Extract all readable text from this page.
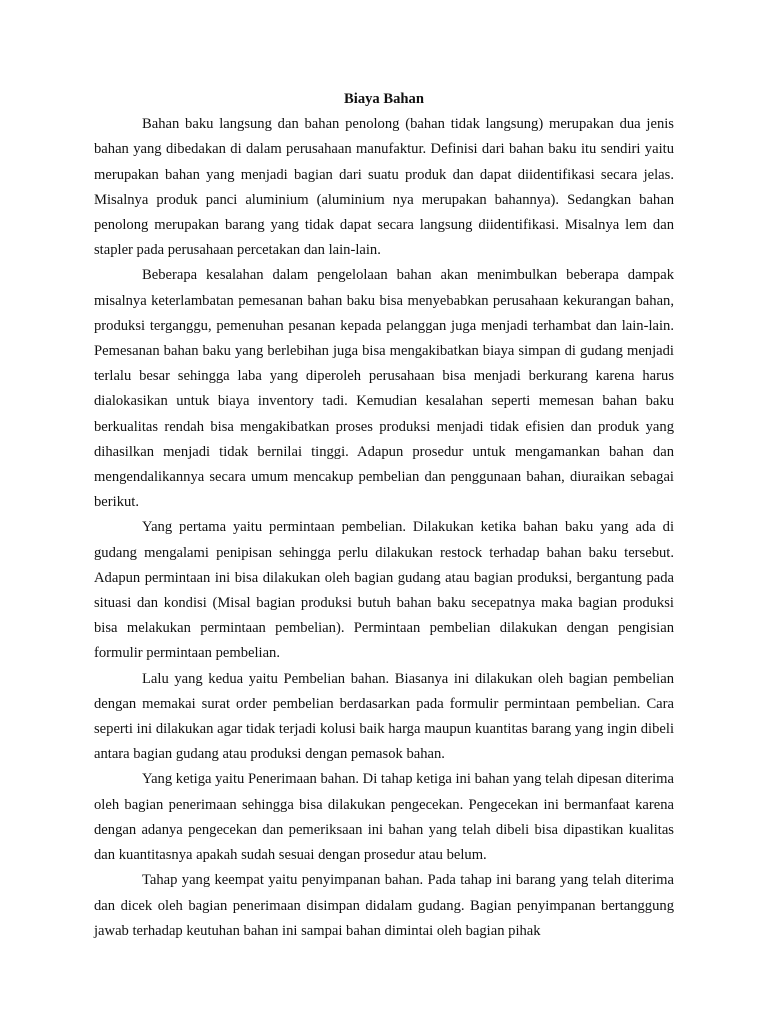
Biaya Bahan

Bahan baku langsung dan bahan penolong (bahan tidak langsung) merupakan dua jenis bahan yang dibedakan di dalam perusahaan manufaktur. Definisi dari bahan baku itu sendiri yaitu merupakan bahan yang menjadi bagian dari suatu produk dan dapat diidentifikasi secara jelas. Misalnya produk panci aluminium (aluminium nya merupakan bahannya). Sedangkan bahan penolong merupakan barang yang tidak dapat secara langsung diidentifikasi. Misalnya lem dan stapler pada perusahaan percetakan dan lain-lain.

Beberapa kesalahan dalam pengelolaan bahan akan menimbulkan beberapa dampak misalnya keterlambatan pemesanan bahan baku bisa menyebabkan perusahaan kekurangan bahan, produksi terganggu, pemenuhan pesanan kepada pelanggan juga menjadi terhambat dan lain-lain. Pemesanan bahan baku yang berlebihan juga bisa mengakibatkan biaya simpan di gudang menjadi terlalu besar sehingga laba yang diperoleh perusahaan bisa menjadi berkurang karena harus dialokasikan untuk biaya inventory tadi. Kemudian kesalahan seperti memesan bahan baku berkualitas rendah bisa mengakibatkan proses produksi menjadi tidak efisien dan produk yang dihasilkan menjadi tidak bernilai tinggi. Adapun prosedur untuk mengamankan bahan dan mengendalikannya secara umum mencakup pembelian dan penggunaan bahan, diuraikan sebagai berikut.

Yang pertama yaitu permintaan pembelian. Dilakukan ketika bahan baku yang ada di gudang mengalami penipisan sehingga perlu dilakukan restock terhadap bahan baku tersebut. Adapun permintaan ini bisa dilakukan oleh bagian gudang atau bagian produksi, bergantung pada situasi dan kondisi (Misal bagian produksi butuh bahan baku secepatnya maka bagian produksi bisa melakukan permintaan pembelian). Permintaan pembelian dilakukan dengan pengisian formulir permintaan pembelian.

Lalu yang kedua yaitu Pembelian bahan. Biasanya ini dilakukan oleh bagian pembelian dengan memakai surat order pembelian berdasarkan pada formulir permintaan pembelian. Cara seperti ini dilakukan agar tidak terjadi kolusi baik harga maupun kuantitas barang yang ingin dibeli antara bagian gudang atau produksi dengan pemasok bahan.

Yang ketiga yaitu Penerimaan bahan. Di tahap ketiga ini bahan yang telah dipesan diterima oleh bagian penerimaan sehingga bisa dilakukan pengecekan. Pengecekan ini bermanfaat karena dengan adanya pengecekan dan pemeriksaan ini bahan yang telah dibeli bisa dipastikan kualitas dan kuantitasnya apakah sudah sesuai dengan prosedur atau belum.

Tahap yang keempat yaitu penyimpanan bahan. Pada tahap ini barang yang telah diterima dan dicek oleh bagian penerimaan disimpan didalam gudang. Bagian penyimpanan bertanggung jawab terhadap keutuhan bahan ini sampai bahan dimintai oleh bagian pihak
